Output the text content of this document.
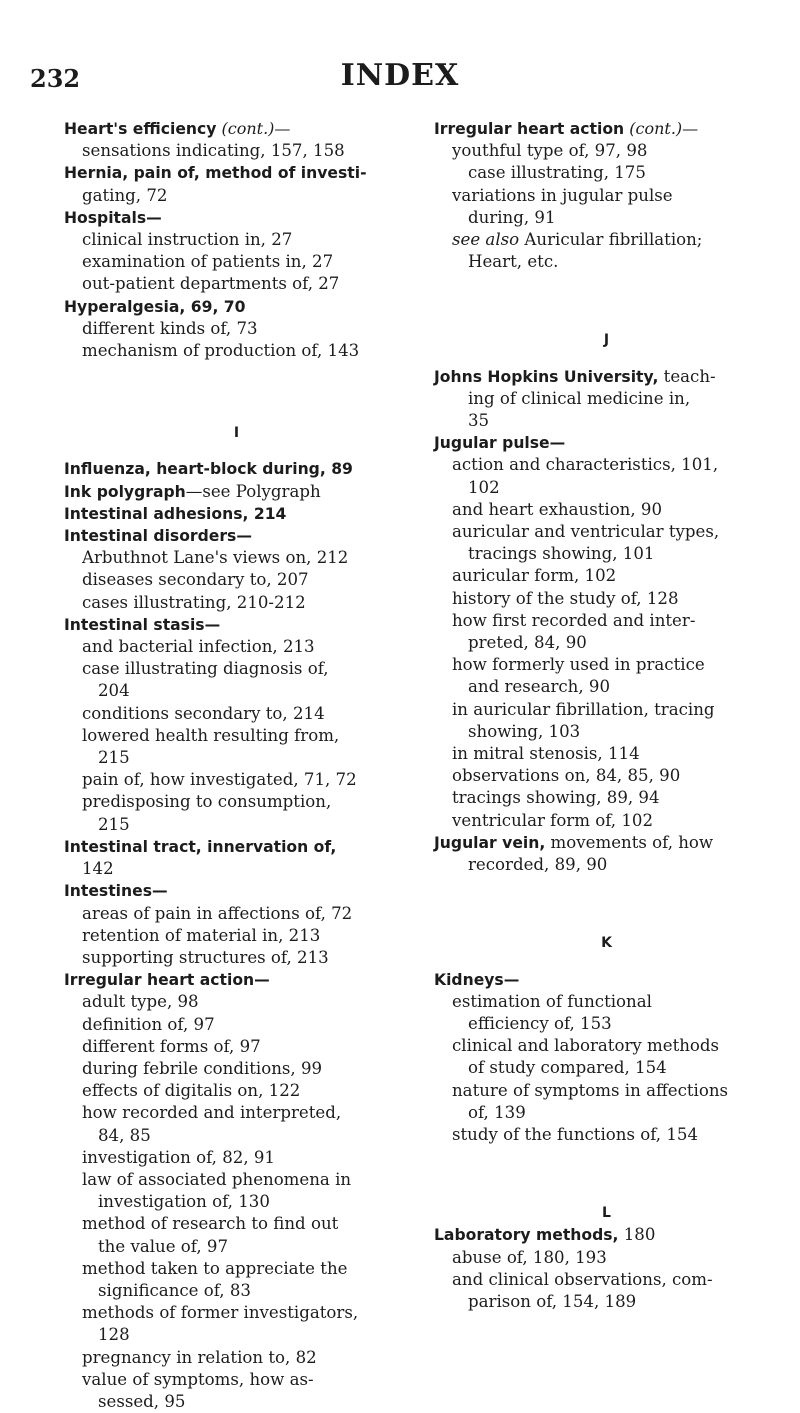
232	INDEX
Heart's efficiency (cont.)—
sensations indicating, 157, 158
Hernia, pain of, method of investi-
gating, 72
Hospitals—
clinical instruction in, 27
examination of patients in, 27
out-patient departments of, 27
Hyperalgesia, 69, 70
different kinds of, 73
mechanism of production of, 143
I
Influenza, heart-block during, 89
Ink polygraph—see Polygraph
Intestinal adhesions, 214
Intestinal disorders—
Arbuthnot Lane's views on, 212
diseases secondary to, 207
cases illustrating, 210-212
Intestinal stasis—
and bacterial infection, 213
case illustrating diagnosis of,
204
conditions secondary to, 214
lowered health resulting from,
215
pain of, how investigated, 71, 72
predisposing to consumption,
215
Intestinal tract, innervation of,
142
Intestines—
areas of pain in affections of, 72
retention of material in, 213
supporting structures of, 213
Irregular heart action—
adult type, 98
definition of, 97
different forms of, 97
during febrile conditions, 99
effects of digitalis on, 122
how recorded and interpreted,
84, 85
investigation of, 82, 91
law of associated phenomena in
investigation of, 130
method of research to find out
the value of, 97
method taken to appreciate the
significance of, 83
methods of former investigators,
128
pregnancy in relation to, 82
value of symptoms, how as-
sessed, 95
Irregular heart action (cont.)—
youthful type of, 97, 98
case illustrating, 175
variations in jugular pulse
during, 91
see also Auricular fibrillation;
Heart, etc.
J
Johns Hopkins University, teach-
ing of clinical medicine in,
35
Jugular pulse—
action and characteristics, 101,
102
and heart exhaustion, 90
auricular and ventricular types,
tracings showing, 101
auricular form, 102
history of the study of, 128
how first recorded and inter-
preted, 84, 90
how formerly used in practice
and research, 90
in auricular fibrillation, tracing
showing, 103
in mitral stenosis, 114
observations on, 84, 85, 90
tracings showing, 89, 94
ventricular form of, 102
Jugular vein, movements of, how
recorded, 89, 90
K
Kidneys—
estimation of functional
efficiency of, 153
clinical and laboratory methods
of study compared, 154
nature of symptoms in affections
of, 139
study of the functions of, 154
L
Laboratory methods, 180
abuse of, 180, 193
and clinical observations, com-
parison of, 154, 189
